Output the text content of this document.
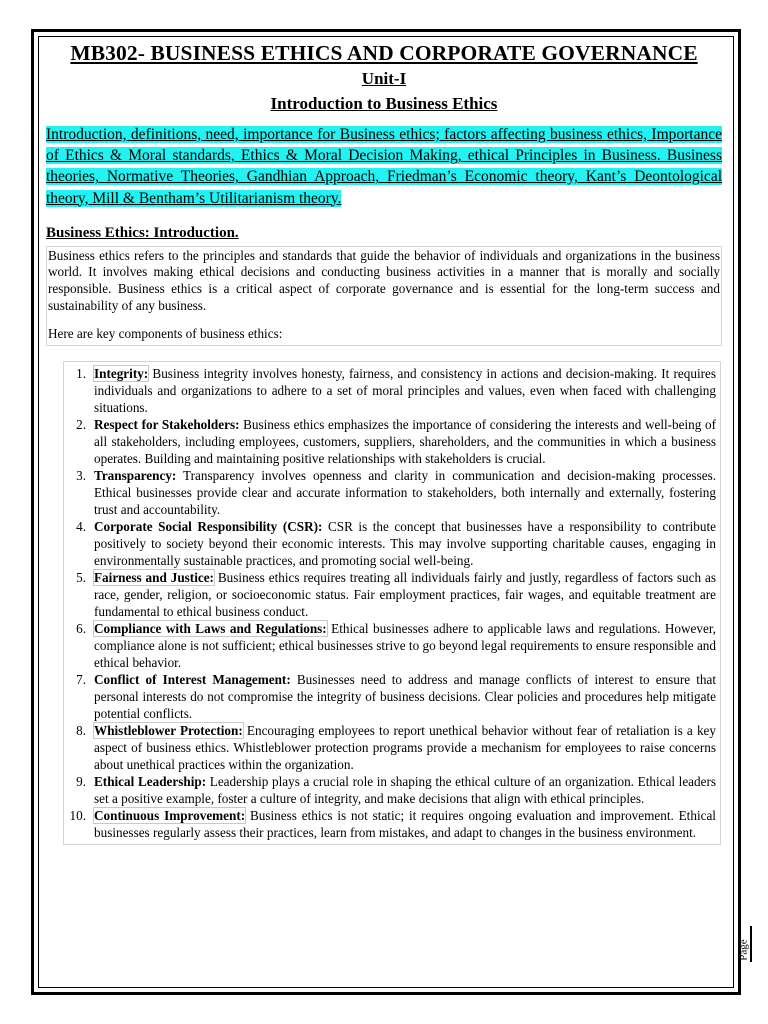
MB302- BUSINESS ETHICS AND CORPORATE GOVERNANCE
Unit-I
Introduction to Business Ethics
Introduction, definitions, need, importance for Business ethics; factors affecting business ethics, Importance of Ethics & Moral standards, Ethics & Moral Decision Making, ethical Principles in Business. Business theories, Normative Theories, Gandhian Approach, Friedman’s Economic theory, Kant’s Deontological theory, Mill & Bentham’s Utilitarianism theory.
Business Ethics: Introduction.

Business ethics refers to the principles and standards that guide the behavior of individuals and organizations in the business world. It involves making ethical decisions and conducting business activities in a manner that is morally and socially responsible. Business ethics is a critical aspect of corporate governance and is essential for the long-term success and sustainability of any business.

Here are key components of business ethics:

1. Integrity: Business integrity involves honesty, fairness, and consistency in actions and decision-making. It requires individuals and organizations to adhere to a set of moral principles and values, even when faced with challenging situations.
2. Respect for Stakeholders: Business ethics emphasizes the importance of considering the interests and well-being of all stakeholders, including employees, customers, suppliers, shareholders, and the communities in which a business operates. Building and maintaining positive relationships with stakeholders is crucial.
3. Transparency: Transparency involves openness and clarity in communication and decision-making processes. Ethical businesses provide clear and accurate information to stakeholders, both internally and externally, fostering trust and accountability.
4. Corporate Social Responsibility (CSR): CSR is the concept that businesses have a responsibility to contribute positively to society beyond their economic interests. This may involve supporting charitable causes, engaging in environmentally sustainable practices, and promoting social well-being.
5. Fairness and Justice: Business ethics requires treating all individuals fairly and justly, regardless of factors such as race, gender, religion, or socioeconomic status. Fair employment practices, fair wages, and equitable treatment are fundamental to ethical business conduct.
6. Compliance with Laws and Regulations: Ethical businesses adhere to applicable laws and regulations. However, compliance alone is not sufficient; ethical businesses strive to go beyond legal requirements to ensure responsible and ethical behavior.
7. Conflict of Interest Management: Businesses need to address and manage conflicts of interest to ensure that personal interests do not compromise the integrity of business decisions. Clear policies and procedures help mitigate potential conflicts.
8. Whistleblower Protection: Encouraging employees to report unethical behavior without fear of retaliation is a key aspect of business ethics. Whistleblower protection programs provide a mechanism for employees to raise concerns about unethical practices within the organization.
9. Ethical Leadership: Leadership plays a crucial role in shaping the ethical culture of an organization. Ethical leaders set a positive example, foster a culture of integrity, and make decisions that align with ethical principles.
10. Continuous Improvement: Business ethics is not static; it requires ongoing evaluation and improvement. Ethical businesses regularly assess their practices, learn from mistakes, and adapt to changes in the business environment.
Page
